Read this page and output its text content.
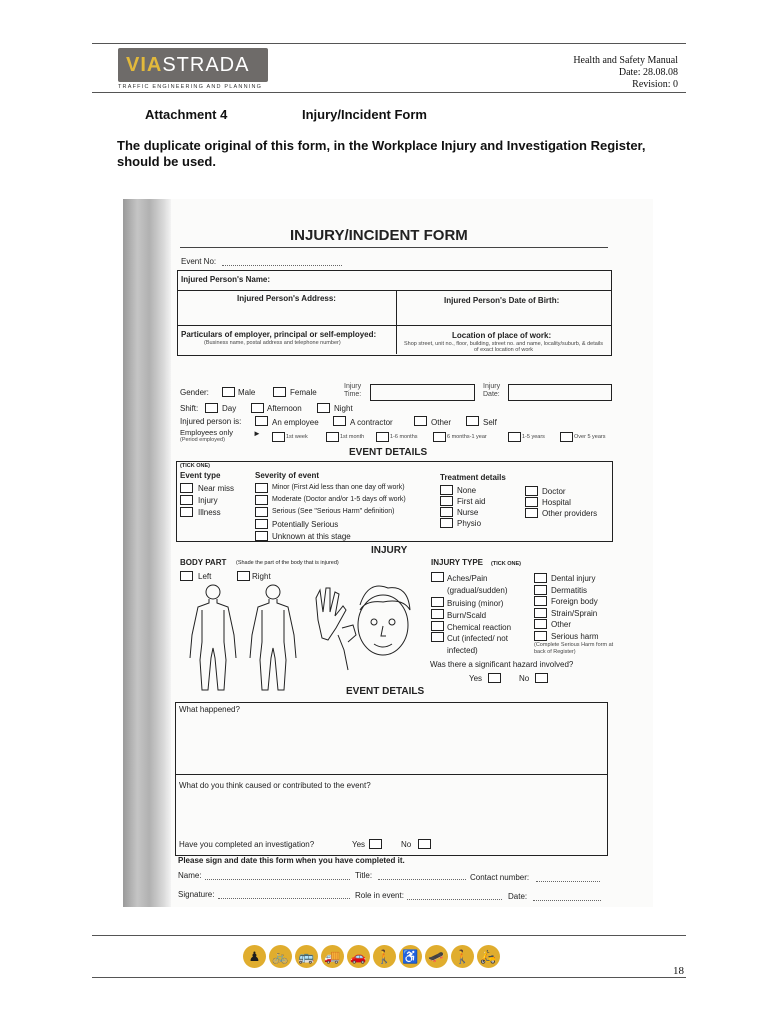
VIASTRADA
TRAFFIC ENGINEERING AND PLANNING
Health and Safety Manual
Date: 28.08.08
Revision: 0
Attachment 4	Injury/Incident Form
The duplicate original of this form, in the Workplace Injury and Investigation Register, should be used.
INJURY/INCIDENT FORM
Event No:
Injured Person's Name:
Injured Person's Address:	Injured Person's Date of Birth:
Particulars of employer, principal or self-employed:
(Business name, postal address and telephone number)
Location of place of work:
Shop street, unit no., floor, building, street no. and name, locality/suburb, & details of exact location of work
Gender:	Male	Female
Injury Time:
Injury Date:
Shift:	Day	Afternoon	Night
Injured person is:	An employee	A contractor	Other	Self
Employees only
(Period employed)
►	1st week	1st month	1-6 months	6 months-1 year	1-5 years	Over 5 years
EVENT DETAILS
(TICK ONE)
Event type	Severity of event	Treatment details
Near miss
Injury
Illness
Minor (First Aid less than one day off work)
Moderate (Doctor and/or 1-5 days off work)
Serious (See "Serious Harm" definition)
Potentially Serious
Unknown at this stage
None
First aid
Nurse
Physio
Doctor
Hospital
Other providers
INJURY
BODY PART (Shade the part of the body that is injured)
Left	Right
INJURY TYPE (TICK ONE)
Aches/Pain (gradual/sudden)
Bruising (minor)
Burn/Scald
Chemical reaction
Cut (infected/ not infected)
Dental injury
Dermatitis
Foreign body
Strain/Sprain
Other
Serious harm
(Complete Serious Harm form at back of Register)
Was there a significant hazard involved?
Yes	No
EVENT DETAILS
What happened?
What do you think caused or contributed to the event?
Have you completed an investigation?	Yes	No
Please sign and date this form when you have completed it.
Name:	Title:	Contact number:
Signature:	Role in event:	Date:
♟ 🚲 🚌 🚚 🚗 🚶 ♿ 🛹 🚶 🛵
18
